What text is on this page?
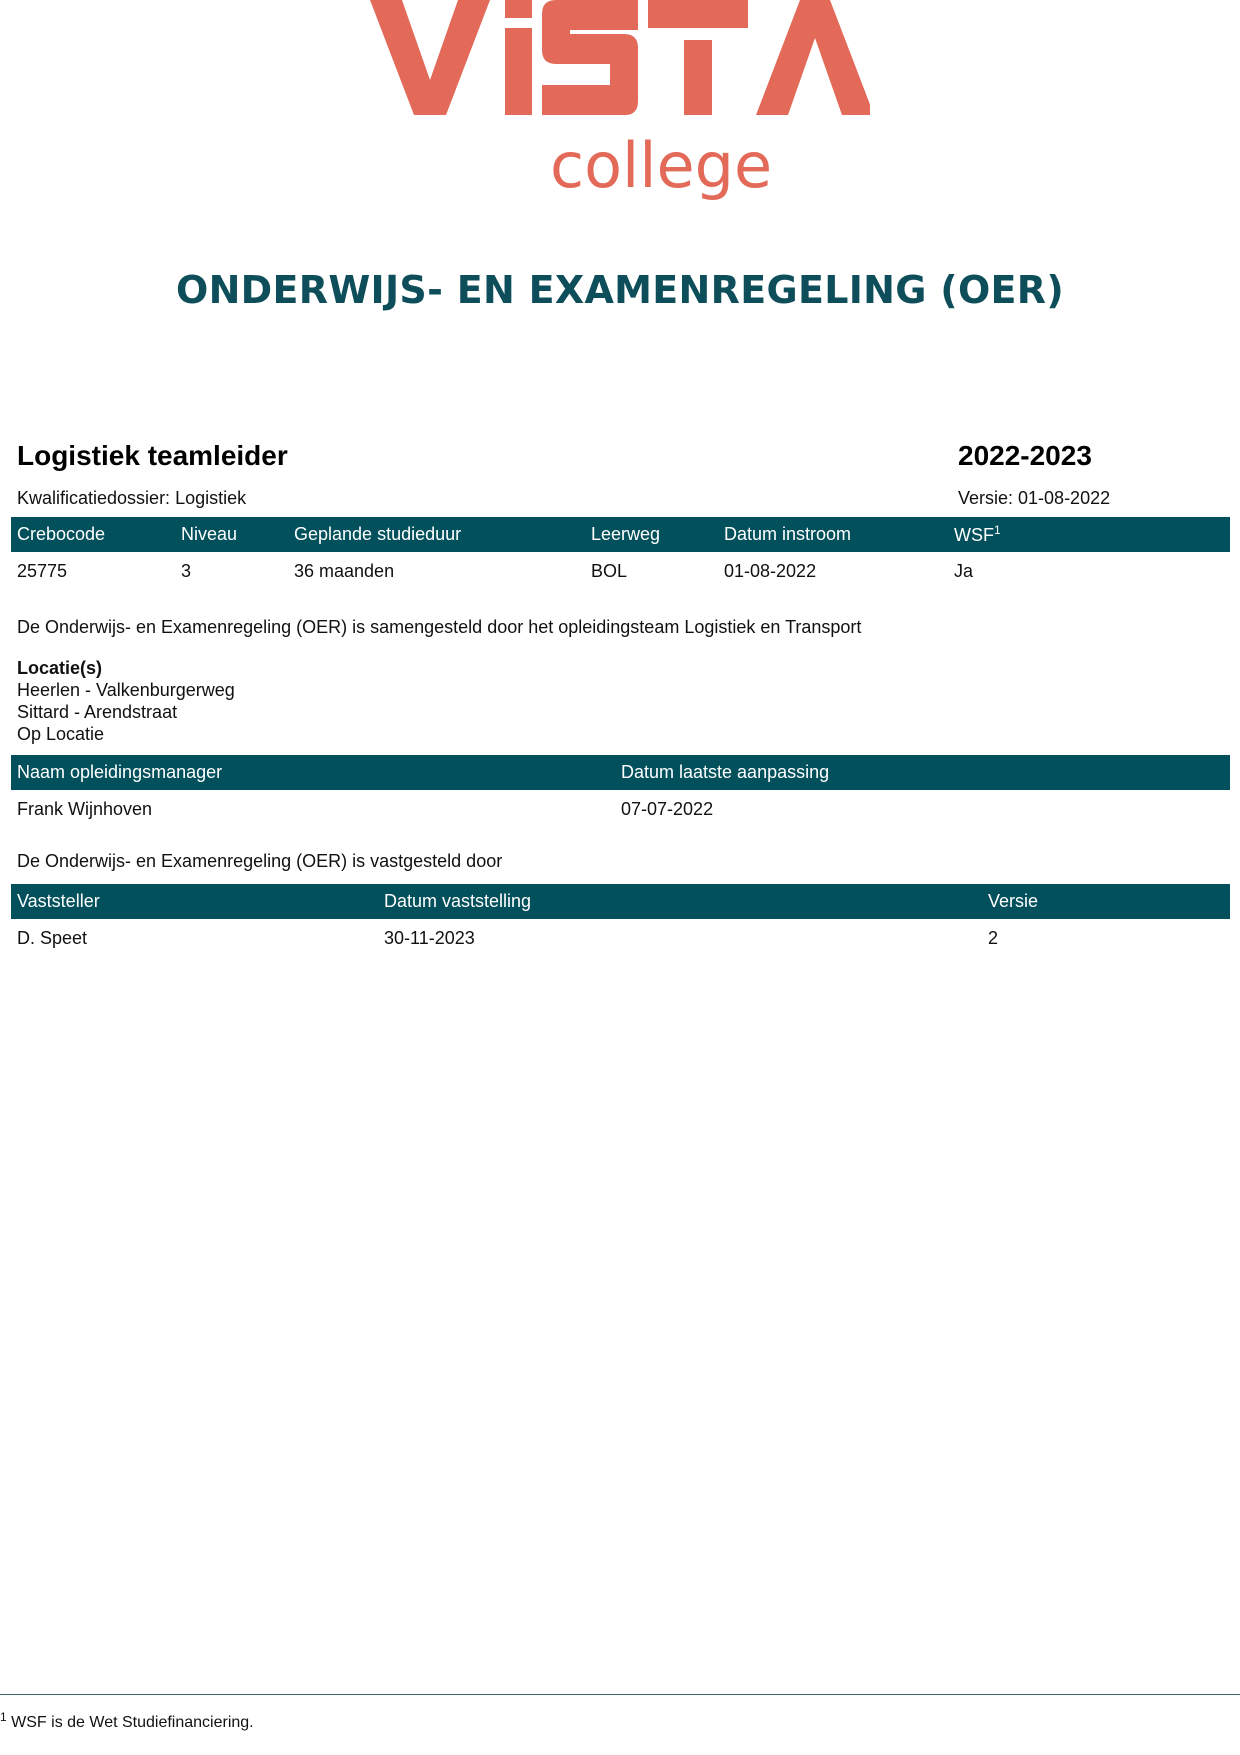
college
ONDERWIJS- EN EXAMENREGELING (OER)
Logistiek teamleider	2022-2023
Kwalificatiedossier: Logistiek	Versie: 01-08-2022
Crebocode	Niveau	Geplande studieduur	Leerweg	Datum instroom	WSF$^1$
25775	3	36 maanden	BOL	01-08-2022	Ja

De Onderwijs- en Examenregeling (OER) is samengesteld door het opleidingsteam Logistiek en Transport

Locatie(s)
Heerlen - Valkenburgerweg
Sittard - Arendstraat
Op Locatie
Naam opleidingsmanager	Datum laatste aanpassing
Frank Wijnhoven	07-07-2022

De Onderwijs- en Examenregeling (OER) is vastgesteld door

Vaststeller	Datum vaststelling	Versie
D. Speet	30-11-2023	2
$^1$ WSF is de Wet Studiefinanciering.
